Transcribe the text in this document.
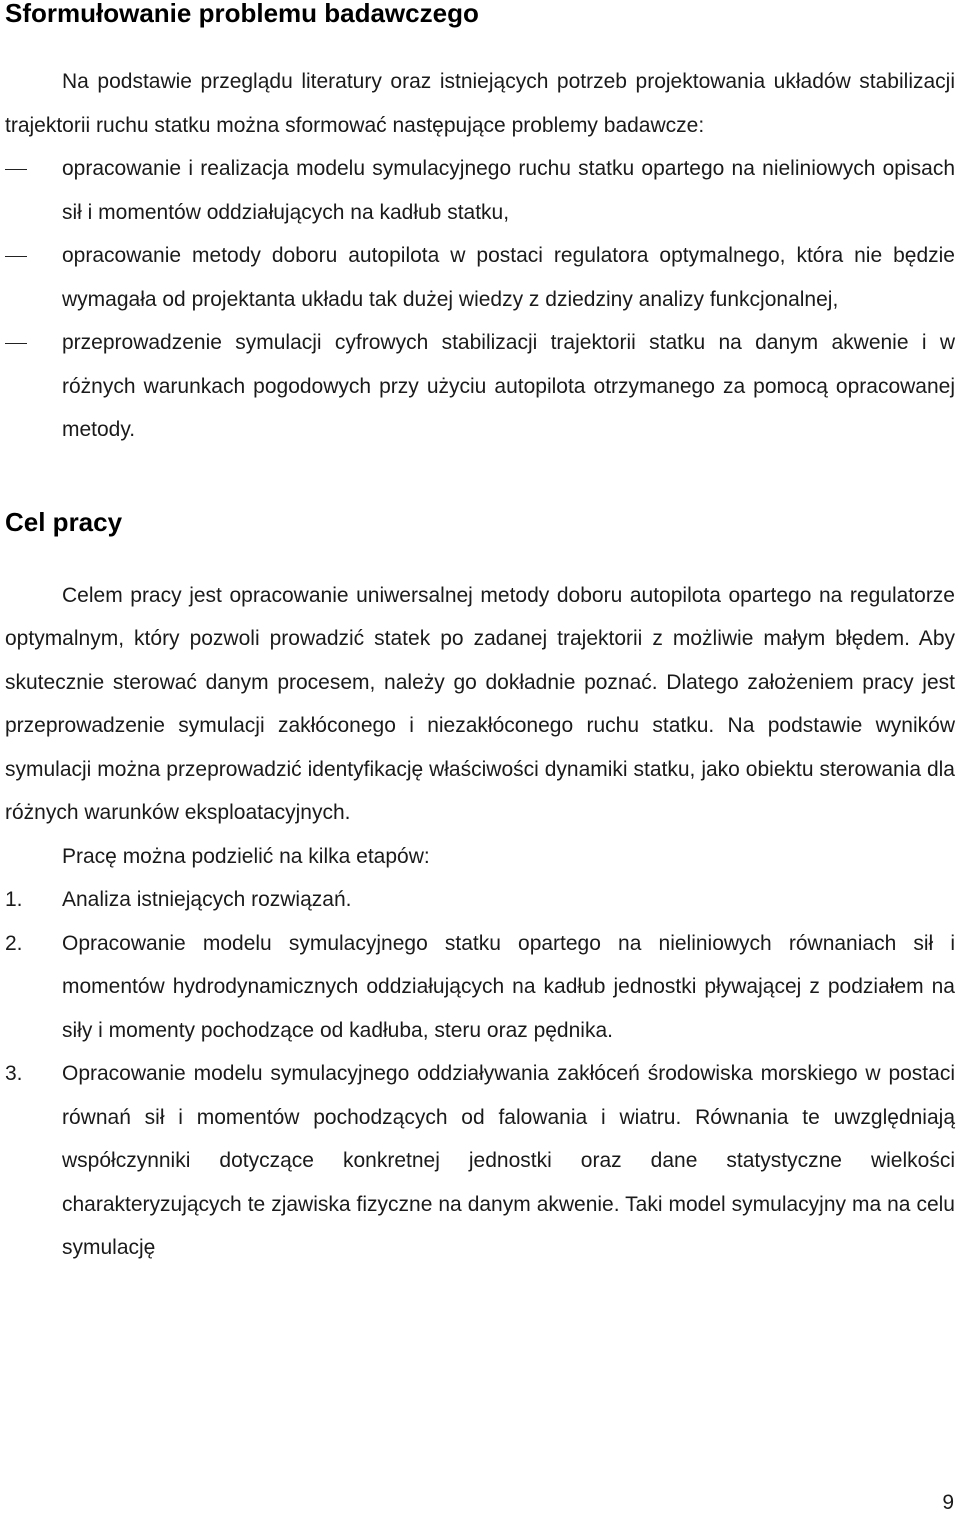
Sformułowanie problemu badawczego

Na podstawie przeglądu literatury oraz istniejących potrzeb projektowania układów stabilizacji trajektorii ruchu statku można sformować następujące problemy badawcze:

opracowanie i realizacja modelu symulacyjnego ruchu statku opartego na nieliniowych opisach sił i momentów oddziałujących na kadłub statku,
opracowanie metody doboru autopilota w postaci regulatora optymalnego, która nie będzie wymagała od projektanta układu tak dużej wiedzy z dziedziny analizy funkcjonalnej,
przeprowadzenie symulacji cyfrowych stabilizacji trajektorii statku na danym akwenie i w różnych warunkach pogodowych przy użyciu autopilota otrzymanego za pomocą opracowanej metody.
Cel pracy

Celem pracy jest opracowanie uniwersalnej metody doboru autopilota opartego na regulatorze optymalnym, który pozwoli prowadzić statek po zadanej trajektorii z możliwie małym błędem. Aby skutecznie sterować danym procesem, należy go dokładnie poznać. Dlatego założeniem pracy jest przeprowadzenie symulacji zakłóconego i niezakłóconego ruchu statku. Na podstawie wyników symulacji można przeprowadzić identyfikację właściwości dynamiki statku, jako obiektu sterowania dla różnych warunków eksploatacyjnych.

Pracę można podzielić na kilka etapów:

1.	Analiza istniejących rozwiązań.
2.	Opracowanie modelu symulacyjnego statku opartego na nieliniowych równaniach sił i momentów hydrodynamicznych oddziałujących na kadłub jednostki pływającej z podziałem na siły i momenty pochodzące od kadłuba, steru oraz pędnika.
3.	Opracowanie modelu symulacyjnego oddziaływania zakłóceń środowiska morskiego w postaci równań sił i momentów pochodzących od falowania i wiatru. Równania te uwzględniają współczynniki dotyczące konkretnej jednostki oraz dane statystyczne wielkości charakteryzujących te zjawiska fizyczne na danym akwenie. Taki model symulacyjny ma na celu symulację
9
